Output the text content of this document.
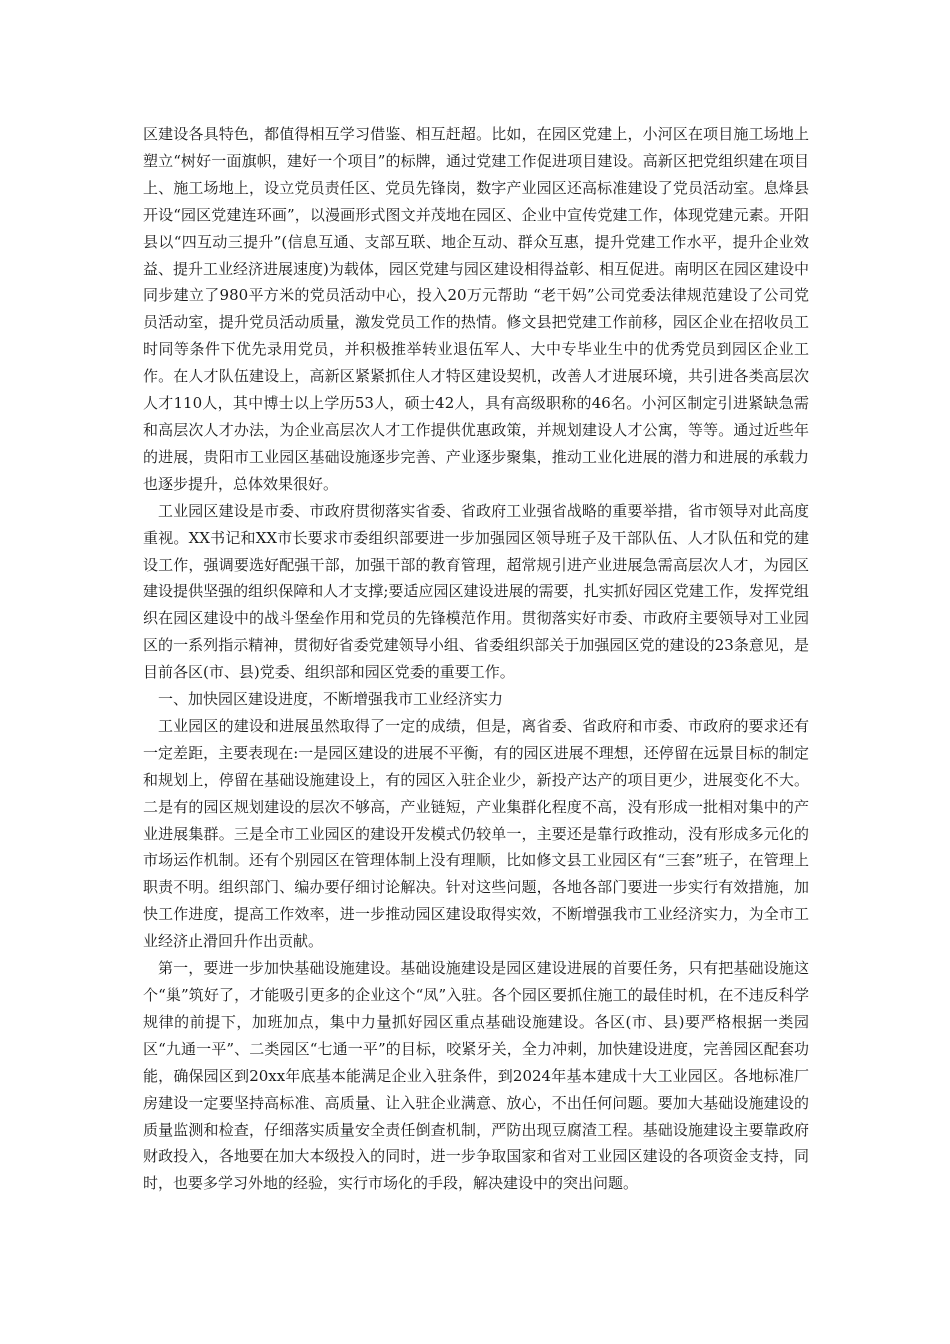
区建设各具特色，都值得相互学习借鉴、相互赶超。比如，在园区党建上，小河区在项目施工场地上塑立“树好一面旗帜，建好一个项目”的标牌，通过党建工作促进项目建设。高新区把党组织建在项目上、施工场地上，设立党员责任区、党员先锋岗，数字产业园区还高标准建设了党员活动室。息烽县开设“园区党建连环画”，以漫画形式图文并茂地在园区、企业中宣传党建工作，体现党建元素。开阳县以“四互动三提升”(信息互通、支部互联、地企互动、群众互惠，提升党建工作水平，提升企业效益、提升工业经济进展速度)为载体，园区党建与园区建设相得益彰、相互促进。南明区在园区建设中同步建立了980平方米的党员活动中心，投入20万元帮助 “老干妈”公司党委法律规范建设了公司党员活动室，提升党员活动质量，激发党员工作的热情。修文县把党建工作前移，园区企业在招收员工时同等条件下优先录用党员，并积极推举转业退伍军人、大中专毕业生中的优秀党员到园区企业工作。在人才队伍建设上，高新区紧紧抓住人才特区建设契机，改善人才进展环境，共引进各类高层次人才110人，其中博士以上学历53人，硕士42人，具有高级职称的46名。小河区制定引进紧缺急需和高层次人才办法，为企业高层次人才工作提供优惠政策，并规划建设人才公寓，等等。通过近些年的进展，贵阳市工业园区基础设施逐步完善、产业逐步聚集，推动工业化进展的潜力和进展的承载力也逐步提升，总体效果很好。

工业园区建设是市委、市政府贯彻落实省委、省政府工业强省战略的重要举措，省市领导对此高度重视。XX书记和XX市长要求市委组织部要进一步加强园区领导班子及干部队伍、人才队伍和党的建设工作，强调要选好配强干部，加强干部的教育管理，超常规引进产业进展急需高层次人才，为园区建设提供坚强的组织保障和人才支撑;要适应园区建设进展的需要，扎实抓好园区党建工作，发挥党组织在园区建设中的战斗堡垒作用和党员的先锋模范作用。贯彻落实好市委、市政府主要领导对工业园区的一系列指示精神，贯彻好省委党建领导小组、省委组织部关于加强园区党的建设的23条意见，是目前各区(市、县)党委、组织部和园区党委的重要工作。

一、加快园区建设进度，不断增强我市工业经济实力

工业园区的建设和进展虽然取得了一定的成绩，但是，离省委、省政府和市委、市政府的要求还有一定差距，主要表现在:一是园区建设的进展不平衡，有的园区进展不理想，还停留在远景目标的制定和规划上，停留在基础设施建设上，有的园区入驻企业少，新投产达产的项目更少，进展变化不大。二是有的园区规划建设的层次不够高，产业链短，产业集群化程度不高，没有形成一批相对集中的产业进展集群。三是全市工业园区的建设开发模式仍较单一，主要还是靠行政推动，没有形成多元化的市场运作机制。还有个别园区在管理体制上没有理顺，比如修文县工业园区有“三套”班子，在管理上职责不明。组织部门、编办要仔细讨论解决。针对这些问题，各地各部门要进一步实行有效措施，加快工作进度，提高工作效率，进一步推动园区建设取得实效，不断增强我市工业经济实力，为全市工业经济止滑回升作出贡献。

第一，要进一步加快基础设施建设。基础设施建设是园区建设进展的首要任务，只有把基础设施这个“巢”筑好了，才能吸引更多的企业这个“凤”入驻。各个园区要抓住施工的最佳时机，在不违反科学规律的前提下，加班加点，集中力量抓好园区重点基础设施建设。各区(市、县)要严格根据一类园区“九通一平”、二类园区“七通一平”的目标，咬紧牙关，全力冲刺，加快建设进度，完善园区配套功能，确保园区到20xx年底基本能满足企业入驻条件，到2024年基本建成十大工业园区。各地标准厂房建设一定要坚持高标准、高质量、让入驻企业满意、放心，不出任何问题。要加大基础设施建设的质量监测和检查，仔细落实质量安全责任倒查机制，严防出现豆腐渣工程。基础设施建设主要靠政府财政投入，各地要在加大本级投入的同时，进一步争取国家和省对工业园区建设的各项资金支持，同时，也要多学习外地的经验，实行市场化的手段，解决建设中的突出问题。
